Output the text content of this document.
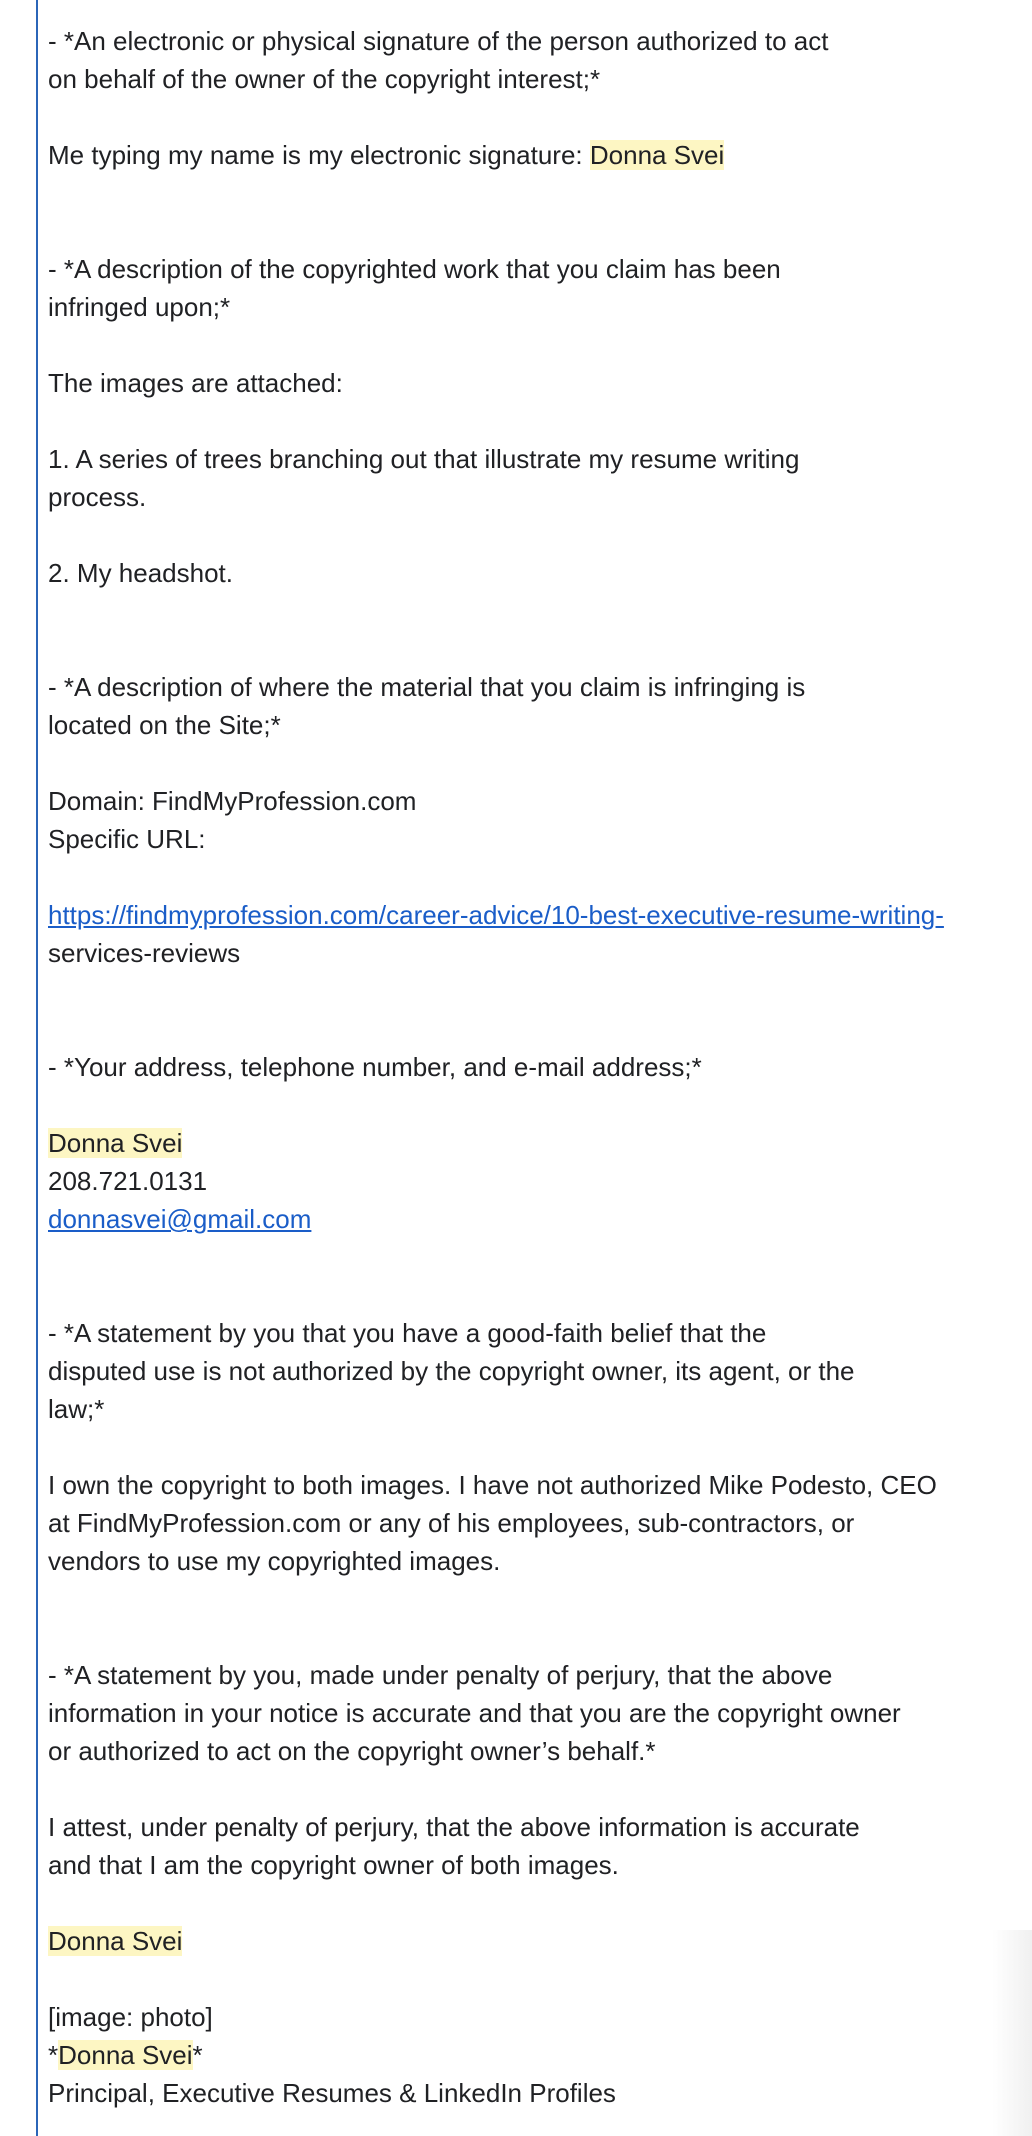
- *An electronic or physical signature of the person authorized to act
on behalf of the owner of the copyright interest;*
Me typing my name is my electronic signature: Donna Svei
- *A description of the copyrighted work that you claim has been
infringed upon;*
The images are attached:
1. A series of trees branching out that illustrate my resume writing
process.
2. My headshot.
- *A description of where the material that you claim is infringing is
located on the Site;*
Domain: FindMyProfession.com
Specific URL:
https://findmyprofession.com/career-advice/10-best-executive-resume-writing-
services-reviews
- *Your address, telephone number, and e-mail address;*
Donna Svei
208.721.0131
donnasvei@gmail.com
- *A statement by you that you have a good-faith belief that the
disputed use is not authorized by the copyright owner, its agent, or the
law;*
I own the copyright to both images. I have not authorized Mike Podesto, CEO
at FindMyProfession.com or any of his employees, sub-contractors, or
vendors to use my copyrighted images.
- *A statement by you, made under penalty of perjury, that the above
information in your notice is accurate and that you are the copyright owner
or authorized to act on the copyright owner’s behalf.*
I attest, under penalty of perjury, that the above information is accurate
and that I am the copyright owner of both images.
Donna Svei
[image: photo]
*Donna Svei*
Principal, Executive Resumes & LinkedIn Profiles
